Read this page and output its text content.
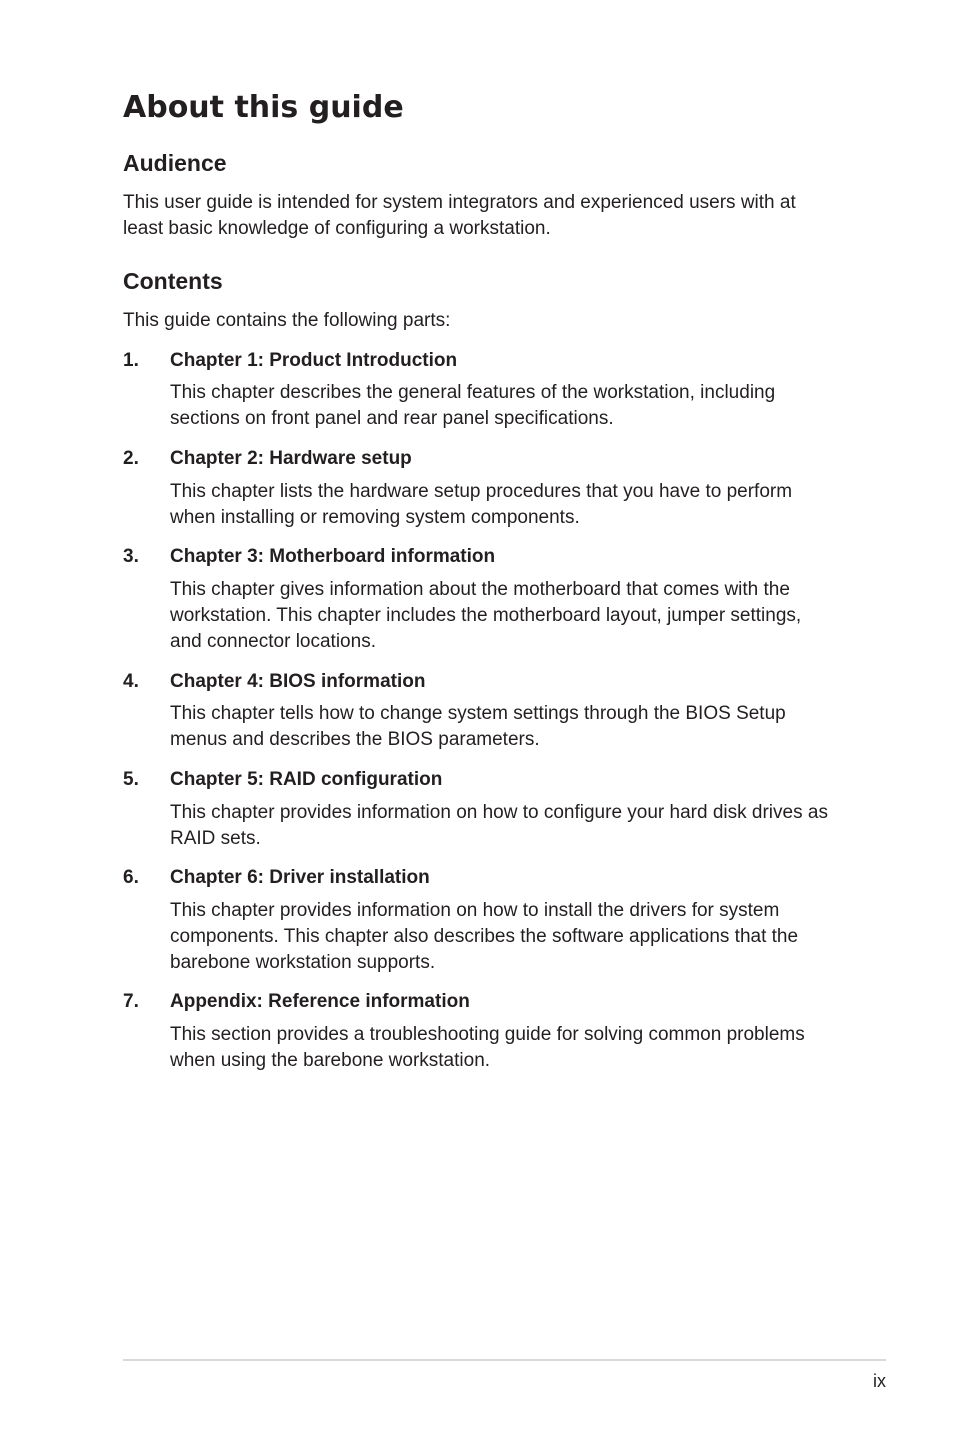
About this guide
Audience

This user guide is intended for system integrators and experienced users with at least basic knowledge of configuring a workstation.

Contents

This guide contains the following parts:

1. Chapter 1: Product Introduction

This chapter describes the general features of the workstation, including sections on front panel and rear panel specifications.

2. Chapter 2: Hardware setup

This chapter lists the hardware setup procedures that you have to perform when installing or removing system components.

3. Chapter 3: Motherboard information

This chapter gives information about the motherboard that comes with the workstation. This chapter includes the motherboard layout, jumper settings, and connector locations.

4. Chapter 4: BIOS information

This chapter tells how to change system settings through the BIOS Setup menus and describes the BIOS parameters.

5. Chapter 5: RAID configuration

This chapter provides information on how to configure your hard disk drives as RAID sets.

6. Chapter 6: Driver installation

This chapter provides information on how to install the drivers for system components. This chapter also describes the software applications that the barebone workstation supports.

7. Appendix: Reference information

This section provides a troubleshooting guide for solving common problems when using the barebone workstation.

ix
